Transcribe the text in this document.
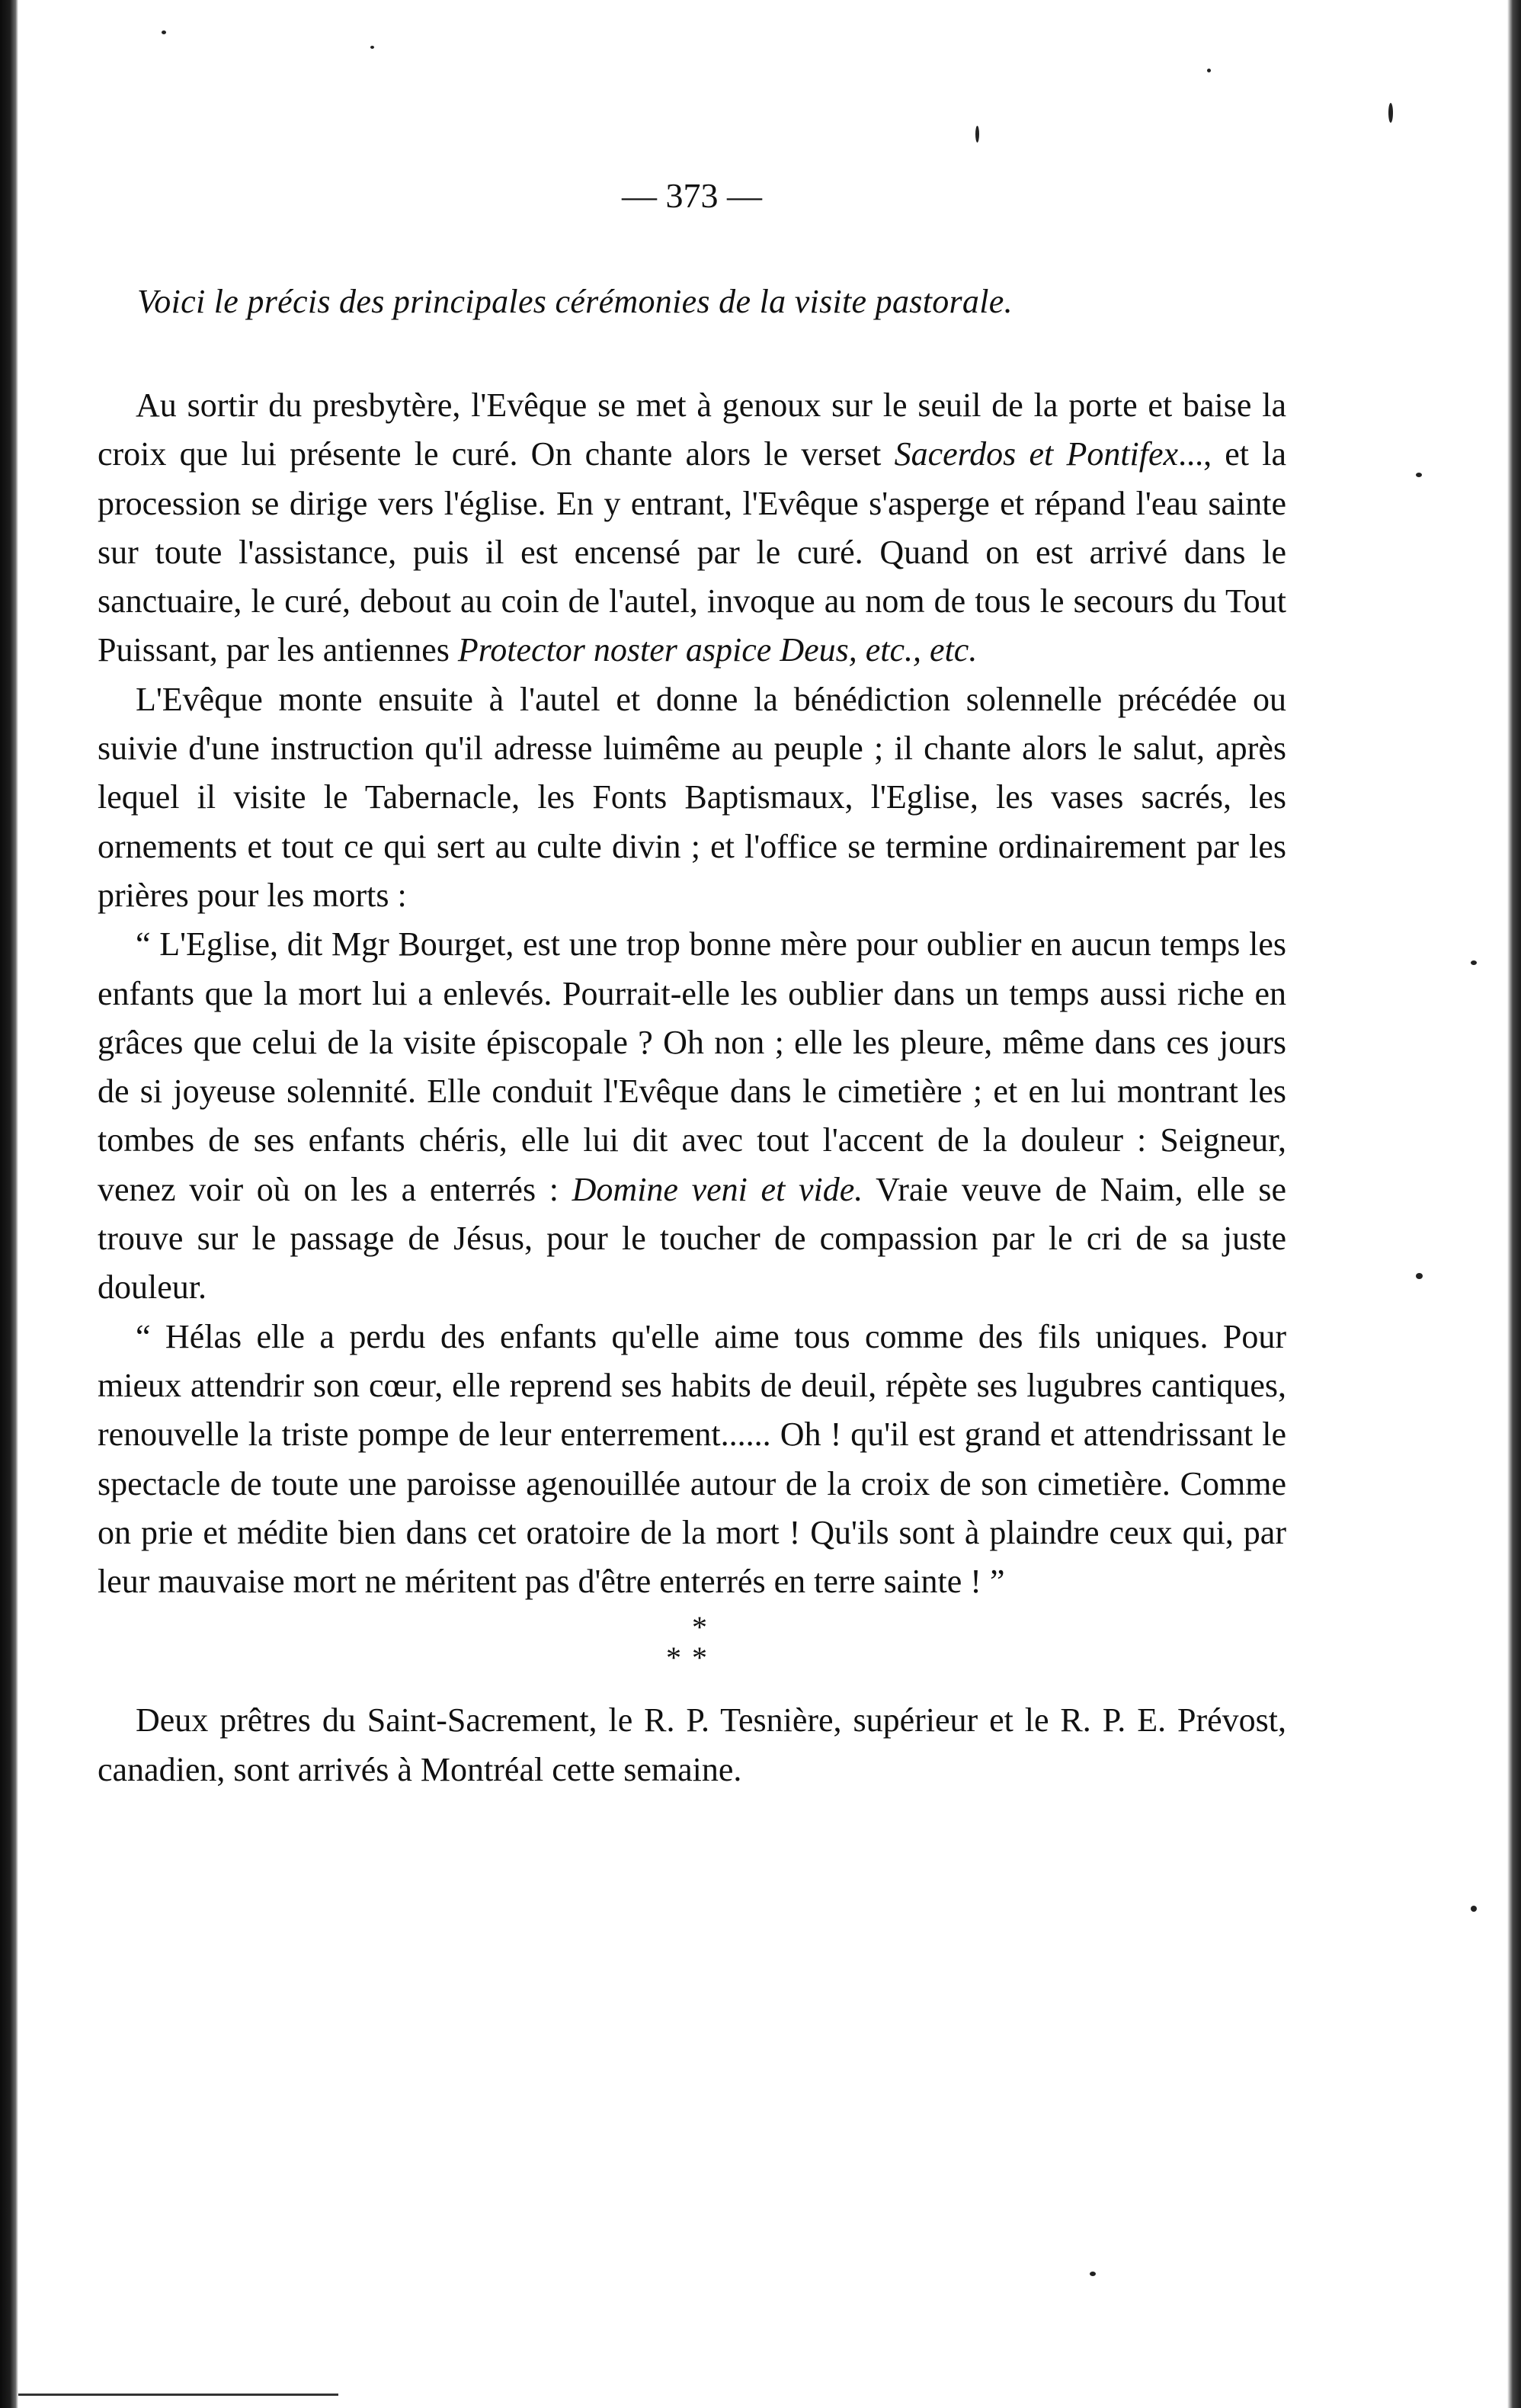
— 373 —
Voici le précis des principales cérémonies de la visite pastorale.

Au sortir du presbytère, l'Evêque se met à genoux sur le seuil de la porte et baise la croix que lui présente le curé. On chante alors le verset Sacerdos et Pontifex..., et la procession se dirige vers l'église. En y entrant, l'Evêque s'asperge et répand l'eau sainte sur toute l'assistance, puis il est encensé par le curé. Quand on est arrivé dans le sanctuaire, le curé, debout au coin de l'autel, invoque au nom de tous le secours du Tout Puissant, par les antiennes Protector noster aspice Deus, etc., etc.

L'Evêque monte ensuite à l'autel et donne la bénédiction solennelle précédée ou suivie d'une instruction qu'il adresse luimême au peuple ; il chante alors le salut, après lequel il visite le Tabernacle, les Fonts Baptismaux, l'Eglise, les vases sacrés, les ornements et tout ce qui sert au culte divin ; et l'office se termine ordinairement par les prières pour les morts :

“ L'Eglise, dit Mgr Bourget, est une trop bonne mère pour oublier en aucun temps les enfants que la mort lui a enlevés. Pourrait-elle les oublier dans un temps aussi riche en grâces que celui de la visite épiscopale ? Oh non ; elle les pleure, même dans ces jours de si joyeuse solennité. Elle conduit l'Evêque dans le cimetière ; et en lui montrant les tombes de ses enfants chéris, elle lui dit avec tout l'accent de la douleur : Seigneur, venez voir où on les a enterrés : Domine veni et vide. Vraie veuve de Naim, elle se trouve sur le passage de Jésus, pour le toucher de compassion par le cri de sa juste douleur.

“ Hélas elle a perdu des enfants qu'elle aime tous comme des fils uniques. Pour mieux attendrir son cœur, elle reprend ses habits de deuil, répète ses lugubres cantiques, renouvelle la triste pompe de leur enterrement...... Oh ! qu'il est grand et attendrissant le spectacle de toute une paroisse agenouillée autour de la croix de son cimetière. Comme on prie et médite bien dans cet oratoire de la mort ! Qu'ils sont à plaindre ceux qui, par leur mauvaise mort ne méritent pas d'être enterrés en terre sainte ! ”

*
**

Deux prêtres du Saint-Sacrement, le R. P. Tesnière, supérieur et le R. P. E. Prévost, canadien, sont arrivés à Montréal cette semaine.
